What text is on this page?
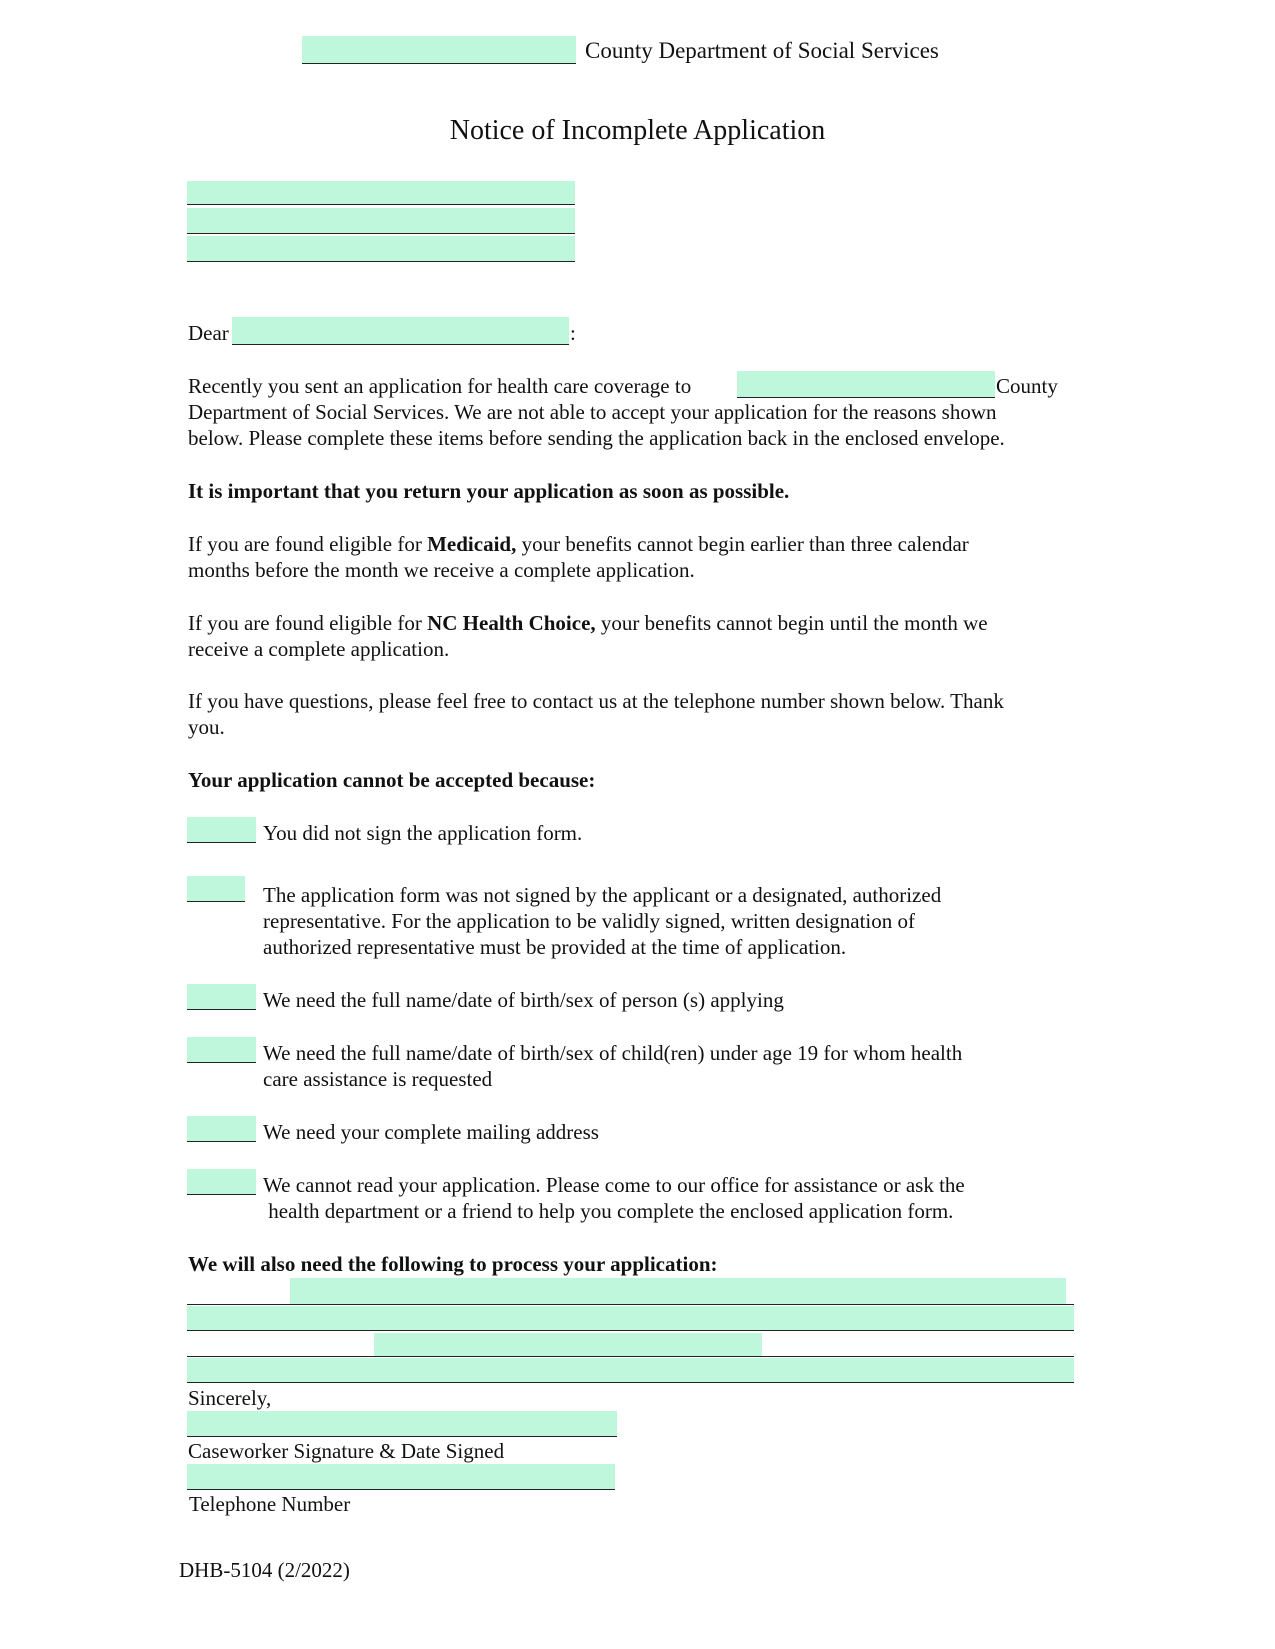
County Department of Social Services
Notice of Incomplete Application
Dear	:
Recently you sent an application for health care coverage to	County
Department of Social Services. We are not able to accept your application for the reasons shown
below. Please complete these items before sending the application back in the enclosed envelope.
It is important that you return your application as soon as possible.
If you are found eligible for Medicaid, your benefits cannot begin earlier than three calendar
months before the month we receive a complete application.
If you are found eligible for NC Health Choice, your benefits cannot begin until the month we
receive a complete application.
If you have questions, please feel free to contact us at the telephone number shown below. Thank
you.
Your application cannot be accepted because:
You did not sign the application form.
The application form was not signed by the applicant or a designated, authorized
representative. For the application to be validly signed, written designation of
authorized representative must be provided at the time of application.
We need the full name/date of birth/sex of person (s) applying
We need the full name/date of birth/sex of child(ren) under age 19 for whom health
care assistance is requested
We need your complete mailing address
We cannot read your application. Please come to our office for assistance or ask the
health department or a friend to help you complete the enclosed application form.
We will also need the following to process your application:
Sincerely,
Caseworker Signature & Date Signed
Telephone Number
DHB-5104 (2/2022)
